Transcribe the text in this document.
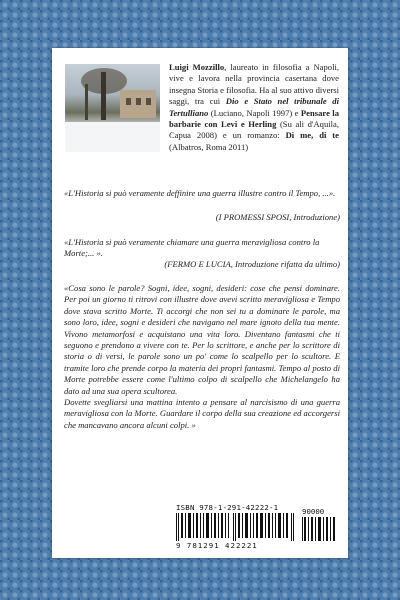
Luigi Mozzillo, laureato in filosofia a Napoli, vive e lavora nella provincia casertana dove insegna Storia e filosofia. Ha al suo attivo diversi saggi, tra cui Dio e Stato nel tribunale di Tertulliano (Luciano, Napoli 1997) e Pensare la barbarie con Levi e Herling (Su ali d'Aquila, Capua 2008) e un romanzo: Di me, di te (Albatros, Roma 2011)
«L'Historia si può veramente deffinire una guerra illustre contro il Tempo, ...».
(I PROMESSI SPOSI, Introduzione)
«L'Historia si può veramente chiamare una guerra meravigliosa contro la Morte;... ».
(FERMO E LUCIA, Introduzione rifatta da ultimo)
«Cosa sono le parole? Sogni, idee, sogni, desideri: cose che pensi dominare. Per poi un giorno ti ritrovi con illustre dove avevi scritto meravigliosa e Tempo dove stava scritto Morte. Ti accorgi che non sei tu a dominare le parole, ma sono loro, idee, sogni e desideri che navigano nel mare ignoto della tua mente. Vivono metamorfosi e acquistano una vita loro. Diventano fantasmi che ti seguono e prendono a vivere con te. Per lo scrittore, e anche per lo scrittore di storia o di versi, le parole sono un po' come lo scalpello per lo scultore. E tramite loro che prende corpo la materia dei propri fantasmi. Tempo al posto di Morte potrebbe essere come l'ultimo colpo di scalpello che Michelangelo ha dato ad una sua opera scultorea.
Dovette svegliarsi una mattina intento a pensare al narcisismo di una guerra meravigliosa con la Morte. Guardare il corpo della sua creazione ed accorgersi che mancavano ancora alcuni colpi. »
ISBN 978-1-291-42222-1	90000
9 781291 422221
